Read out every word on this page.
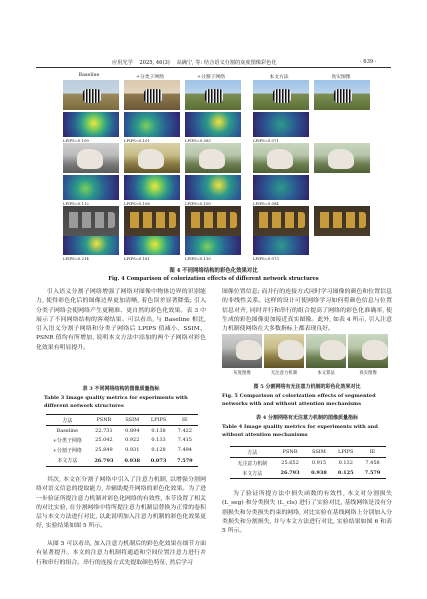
应用光学 2025, 46(3) 高确宁, 等: 结合语义分割的灰度图像彩色化	· 639 ·
Baseline	+分类子网络	+分割子网络	本文方法	真实图像
LPIPS=0.109	LPIPS=0.101	LPIPS=0.083	LPIPS=0.071
LPIPS=0.112	LPIPS=0.106	LPIPS=0.100	LPIPS=0.084
LPIPS=0.214	LPIPS=0.181	LPIPS=0.130	LPIPS=0.073
图 4 不同网络结构的彩色化效果对比
Fig. 4 Comparison of colorization effects of different network structures

引入语义分割子网络增强了网络对图像中物体边界的识别能力, 使得彩色化后的图像边界更加清晰, 着色误差显著降低; 引入分类子网络会使网络产生更精准、更自然的彩色化效果。表 3 中展示了不同网络结构的客观结果。可以看出, 与 Baseline 相比, 引入语义分割子网络和分类子网络后 LPIPS 值减小、SSIM、PSNR 值均有所增加, 说明本文方法中添加的两个子网络对彩色化效果有明显提升。

表 3 不同网络结构的图像质量指标
Table 3 Image quality metrics for experiments with different network structures
方法	PSNR	SSIM	LPIPS	IE
Baseline	22.731	0.894	0.138	7.422
+分类子网络	25.042	0.922	0.133	7.415
+分割子网络	25.849	0.931	0.128	7.494
本文方法	26.793	0.938	0.073	7.579

其次, 本文在分割子网络中引入了注意力机制, 以增强分割网络对语义信息的提取能力, 并辅助提升网络的彩色化效果。为了进一步验证所提注意力机制对彩色化网络的有效性, 本节设置了相关的对比实验, 在分割网络中将所提注意力机制层替换为正常的卷积层与本文方法进行对比, 以此说明加入注意力机制的彩色化效果更好, 实验结果如图 5 所示。

从图 5 可以看出, 加入注意力机制后的彩色化效果在细节方面有显著提升。本文的注意力机制将通道和空间位置注意力进行并行和串行的组合。串行的连接方式先提取颜色特征, 然后学习

图像位置信息; 而并行的连接方式同时学习图像的颜色和位置信息的非线性关系。这样的设计可使网络学习如何将颜色信息与位置信息对齐, 同时并行和串行的组合提高了网络的彩色化准确率, 使生成的彩色图像更加接近真实图像。此外, 如表 4 所示, 引入注意力机制使网络在大多数指标上都表现良好。

灰度图像	无注意力机制	本文算法	真实图像
图 5 分割网络有无注意力机制的彩色化效果对比
Fig. 5 Comparison of colorization effects of segmented networks with and without attention mechanisms
表 4 分割网络有无注意力机制的图像质量指标
Table 4 Image quality metrics for experiments with and without attention mechanisms
方法	PSNR	SSIM	LPIPS	IE
无注意力机制	25.652	0.915	0.132	7.458
本文方法	26.793	0.938	0.125	7.579

为了验证所提方法中损失函数的有效性, 本文对分割损失 (L_seg) 和分类损失 (L_cls) 进行了实验对比, 基线网络是没有分割损失和分类损失约束的网络, 对比实验在基线网络上分别加入分类损失和分割损失, 并与本文方法进行对比, 实验结果如图 6 和表 5 所示。
